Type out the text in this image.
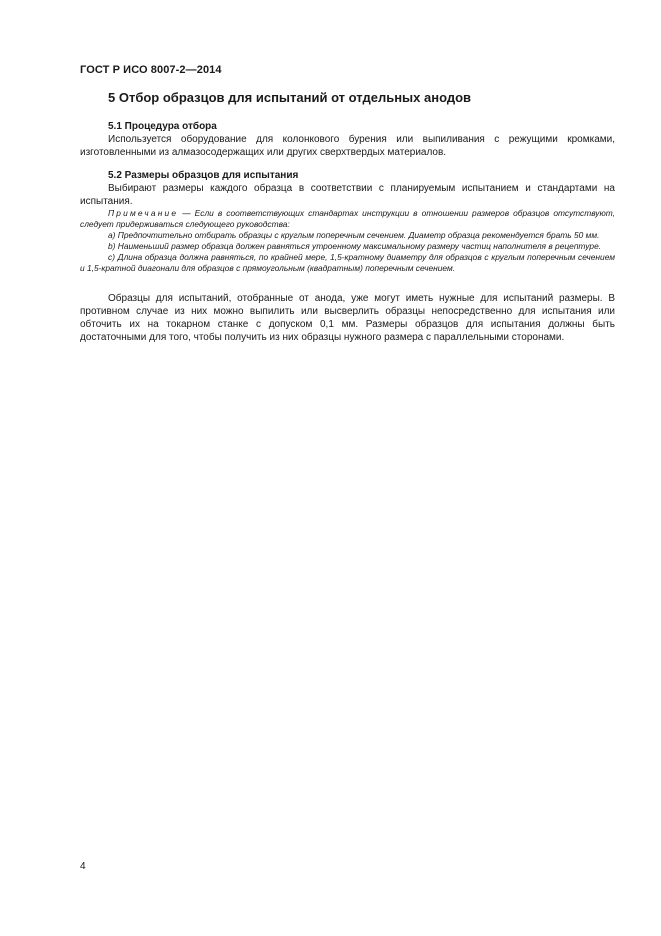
ГОСТ Р ИСО 8007-2—2014
5 Отбор образцов для испытаний от отдельных анодов
5.1 Процедура отбора

Используется оборудование для колонкового бурения или выпиливания с режущими кромками, изготовленными из алмазосодержащих или других сверхтвердых материалов.

5.2 Размеры образцов для испытания

Выбирают размеры каждого образца в соответствии с планируемым испытанием и стандартами на испытания.

Примечание — Если в соответствующих стандартах инструкции в отношении размеров образцов отсутствуют, следует придерживаться следующего руководства:

a) Предпочтительно отбирать образцы с круглым поперечным сечением. Диаметр образца рекомендуется брать 50 мм.

b) Наименьший размер образца должен равняться утроенному максимальному размеру частиц наполнителя в рецептуре.

c) Длина образца должна равняться, по крайней мере, 1,5-кратному диаметру для образцов с круглым поперечным сечением и 1,5-кратной диагонали для образцов с прямоугольным (квадратным) поперечным сечением.

Образцы для испытаний, отобранные от анода, уже могут иметь нужные для испытаний размеры. В противном случае из них можно выпилить или высверлить образцы непосредственно для испытания или обточить их на токарном станке с допуском 0,1 мм. Размеры образцов для испытания должны быть достаточными для того, чтобы получить из них образцы нужного размера с параллельными сторонами.

4
